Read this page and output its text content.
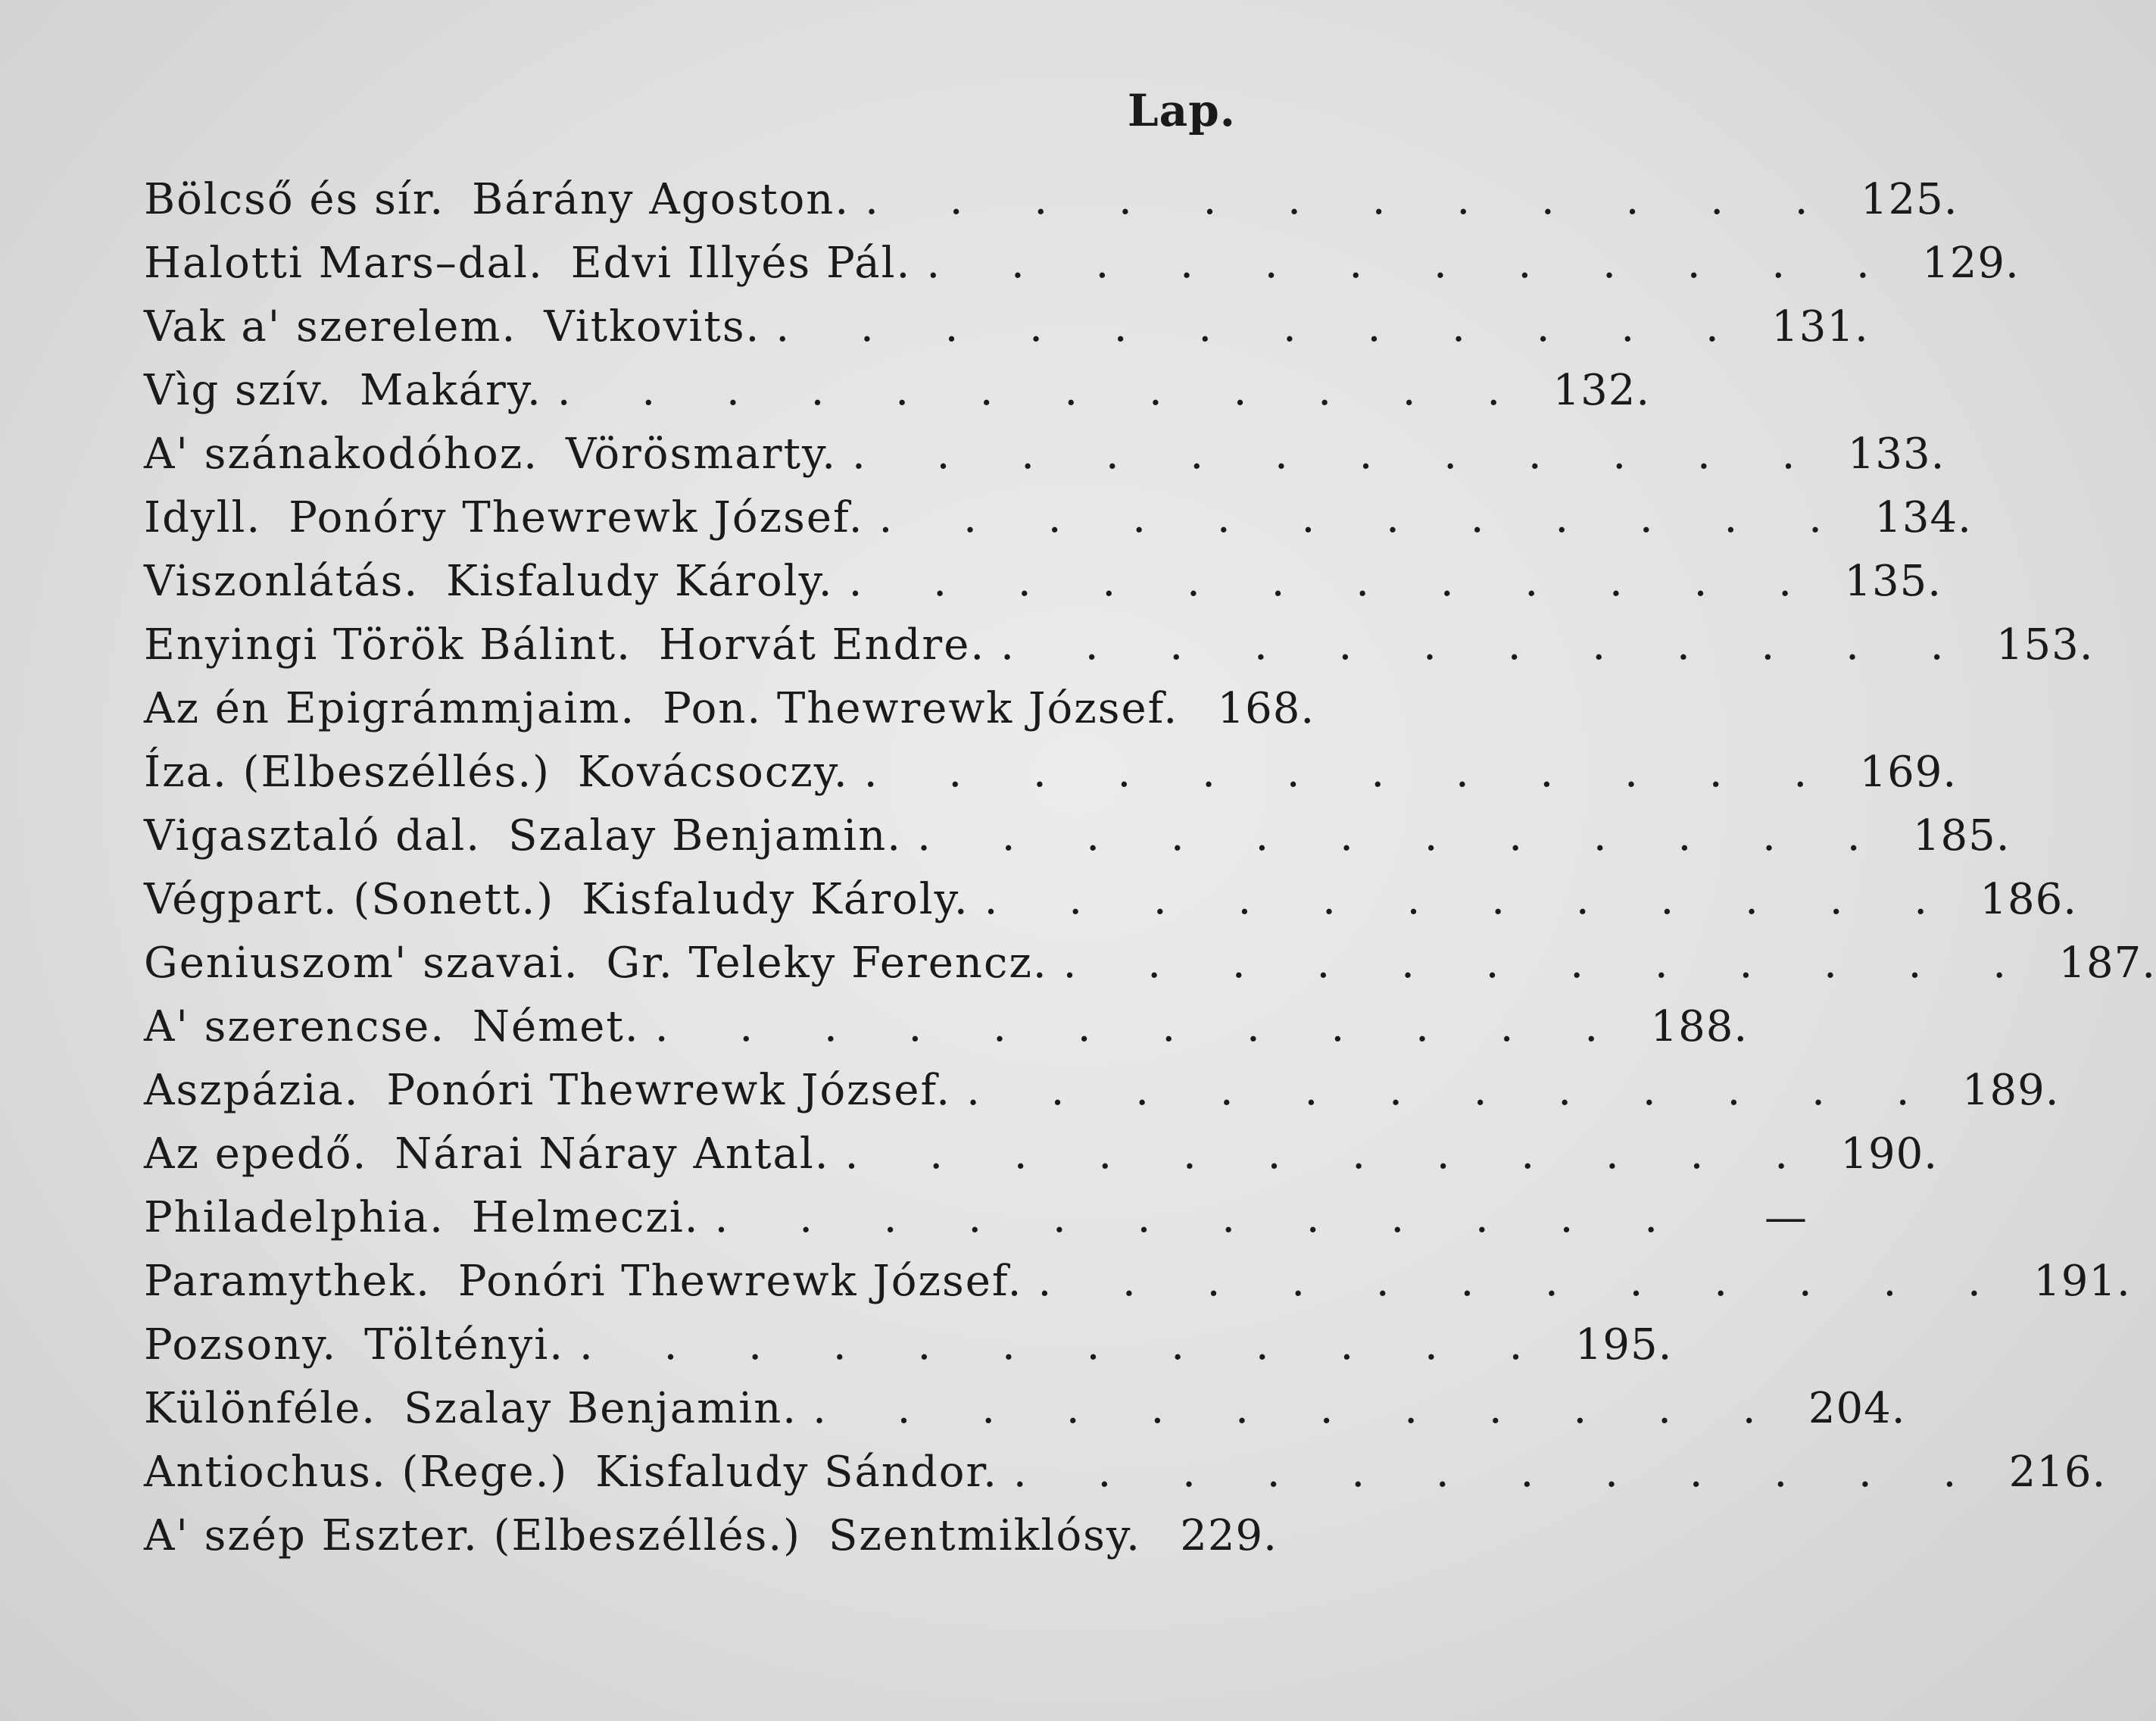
Lap.
Bölcső és sír. Bárány Agoston. . . . . . . . . . . . . 125.
Halotti Mars–dal. Edvi Illyés Pál. . . . . . . . . . . . . 129.
Vak a' szerelem. Vitkovits. . . . . . . . . . . . . 131.
Vìg szív. Makáry. . . . . . . . . . . . . 132.
A' szánakodóhoz. Vörösmarty. . . . . . . . . . . . . 133.
Idyll. Ponóry Thewrewk József. . . . . . . . . . . . . 134.
Viszonlátás. Kisfaludy Károly. . . . . . . . . . . . . 135.
Enyingi Török Bálint. Horvát Endre. . . . . . . . . . . . . 153.
Az én Epigrámmjaim. Pon. Thewrewk József. 168.
Íza. (Elbeszéllés.) Kovácsoczy. . . . . . . . . . . . . 169.
Vigasztaló dal. Szalay Benjamin. . . . . . . . . . . . . 185.
Végpart. (Sonett.) Kisfaludy Károly. . . . . . . . . . . . . 186.
Geniuszom' szavai. Gr. Teleky Ferencz. . . . . . . . . . . . . 187.
A' szerencse. Német. . . . . . . . . . . . . 188.
Aszpázia. Ponóri Thewrewk József. . . . . . . . . . . . . 189.
Az epedő. Nárai Náray Antal. . . . . . . . . . . . . 190.
Philadelphia. Helmeczi. . . . . . . . . . . . .	—
Paramythek. Ponóri Thewrewk József. . . . . . . . . . . . . 191.
Pozsony. Töltényi. . . . . . . . . . . . . 195.
Különféle. Szalay Benjamin. . . . . . . . . . . . . 204.
Antiochus. (Rege.) Kisfaludy Sándor. . . . . . . . . . . . . 216.
A' szép Eszter. (Elbeszéllés.) Szentmiklósy. 229.
